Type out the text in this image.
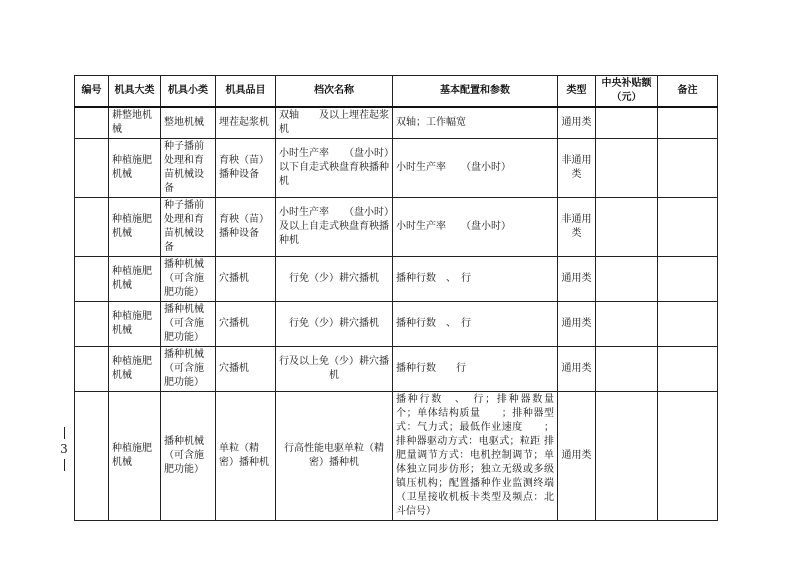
3
编号	机具大类	机具小类	机具品目	档次名称	基本配置和参数	类型	中央补贴额（元）	备注
	耕整地机械	整地机械	埋茬起浆机	双轴　　及以上埋茬起浆机	双轴；工作幅宽	通用类		
	种植施肥机械	种子播前处理和育苗机械设备	育秧（苗）播种设备	小时生产率　　（盘小时）以下自走式秧盘育秧播种机	小时生产率　　（盘小时）	非通用类		
	种植施肥机械	种子播前处理和育苗机械设备	育秧（苗）播种设备	小时生产率　　（盘小时）及以上自走式秧盘育秧播种机	小时生产率　　（盘小时）	非通用类		
	种植施肥机械	播种机械（可含施肥功能）	穴播机	行免（少）耕穴播机	播种行数　、　行	通用类		
	种植施肥机械	播种机械（可含施肥功能）	穴播机	行免（少）耕穴播机	播种行数　、　行	通用类		
	种植施肥机械	播种机械（可含施肥功能）	穴播机	行及以上免（少）耕穴播机	播种行数　　行	通用类		
	种植施肥机械	播种机械（可含施肥功能）	单粒（精密）播种机	行高性能电驱单粒（精密）播种机	播种行数　、　行；排种器数量　　个；单体结构质量　　；排种器型式：气力式；最低作业速度　　；排种器驱动方式：电驱式；粒距 排肥量调节方式：电机控制调节；单体独立同步仿形；独立无级或多级镇压机构；配置播种作业监测终端（卫星接收机板卡类型及频点：北斗信号）	通用类		
